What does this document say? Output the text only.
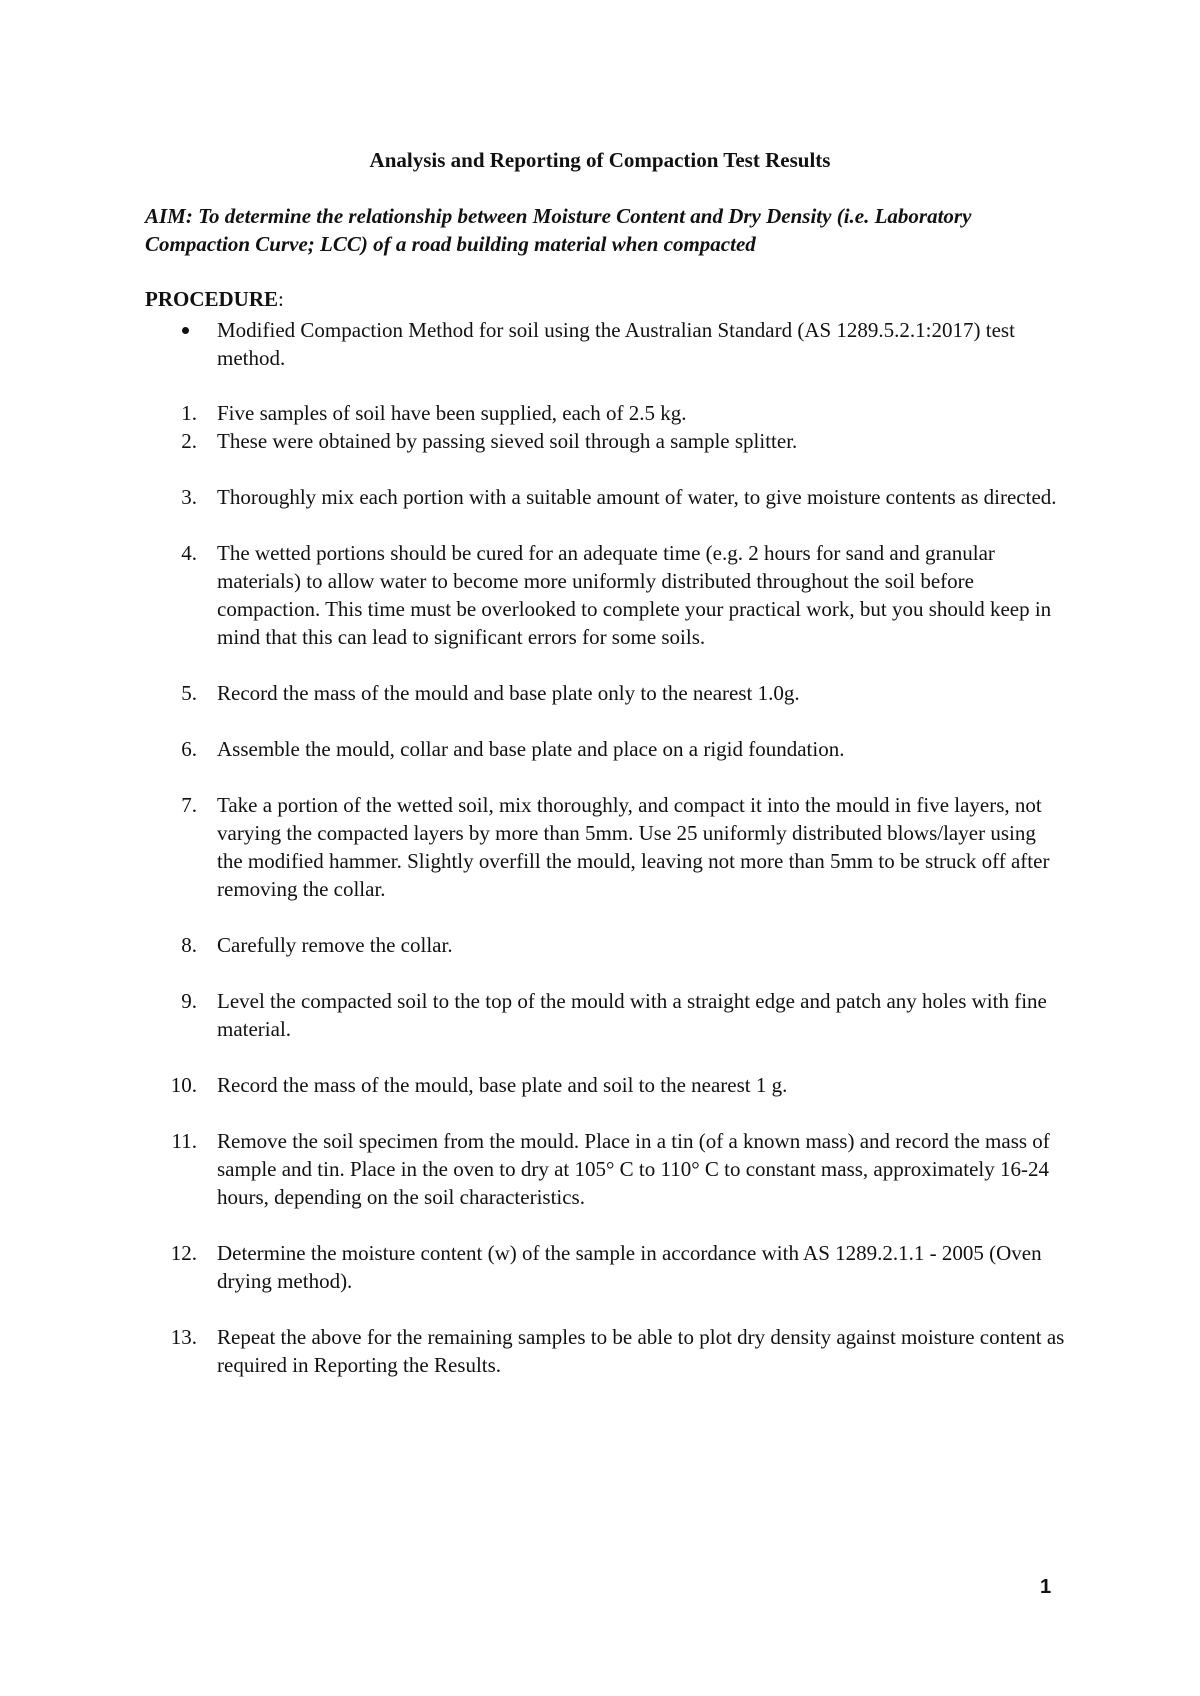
Analysis and Reporting of Compaction Test Results
AIM: To determine the relationship between Moisture Content and Dry Density (i.e. Laboratory Compaction Curve; LCC) of a road building material when compacted
PROCEDURE:
Modified Compaction Method for soil using the Australian Standard (AS 1289.5.2.1:2017) test method.
1. Five samples of soil have been supplied, each of 2.5 kg.
2. These were obtained by passing sieved soil through a sample splitter.
3. Thoroughly mix each portion with a suitable amount of water, to give moisture contents as directed.
4. The wetted portions should be cured for an adequate time (e.g. 2 hours for sand and granular materials) to allow water to become more uniformly distributed throughout the soil before compaction. This time must be overlooked to complete your practical work, but you should keep in mind that this can lead to significant errors for some soils.
5. Record the mass of the mould and base plate only to the nearest 1.0g.
6. Assemble the mould, collar and base plate and place on a rigid foundation.
7. Take a portion of the wetted soil, mix thoroughly, and compact it into the mould in five layers, not varying the compacted layers by more than 5mm. Use 25 uniformly distributed blows/layer using the modified hammer. Slightly overfill the mould, leaving not more than 5mm to be struck off after removing the collar.
8. Carefully remove the collar.
9. Level the compacted soil to the top of the mould with a straight edge and patch any holes with fine material.
10. Record the mass of the mould, base plate and soil to the nearest 1 g.
11. Remove the soil specimen from the mould. Place in a tin (of a known mass) and record the mass of sample and tin. Place in the oven to dry at 105° C to 110° C to constant mass, approximately 16-24 hours, depending on the soil characteristics.
12. Determine the moisture content (w) of the sample in accordance with AS 1289.2.1.1 - 2005 (Oven drying method).
13. Repeat the above for the remaining samples to be able to plot dry density against moisture content as required in Reporting the Results.
1
